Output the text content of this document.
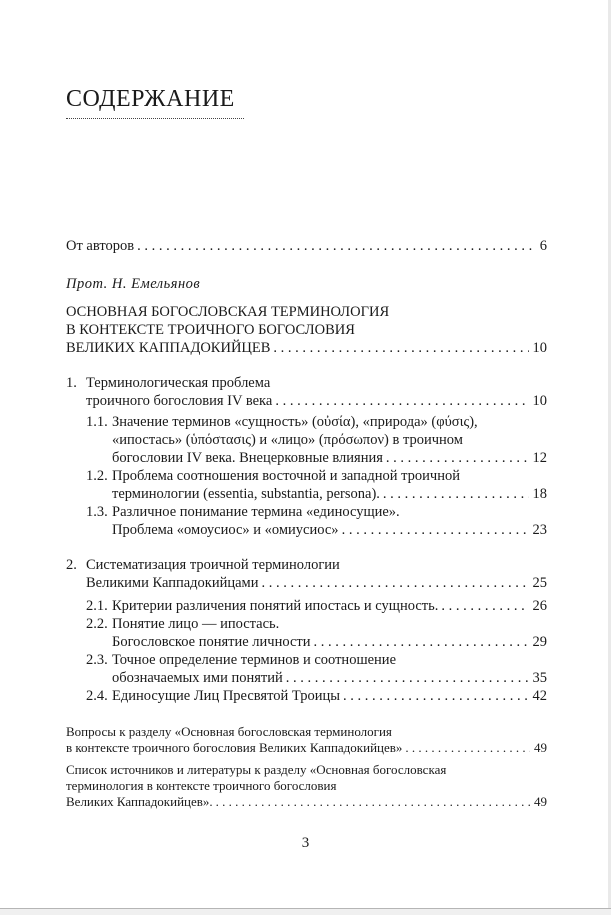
СОДЕРЖАНИЕ
От авторов . . .	6
Прот. Н. Емельянов
ОСНОВНАЯ БОГОСЛОВСКАЯ ТЕРМИНОЛОГИЯ
В КОНТЕКСТЕ ТРОИЧНОГО БОГОСЛОВИЯ
ВЕЛИКИХ КАППАДОКИЙЦЕВ . . .	10
1. Терминологическая проблема
троичного богословия IV века . . .	10
1.1. Значение терминов «сущность» (οὐσία), «природа» (φύσις),
«ипостась» (ὑπόστασις) и «лицо» (πρόσωπον) в троичном
богословии IV века. Внецерковные влияния . . .	12
1.2. Проблема соотношения восточной и западной троичной
терминологии (essentia, substantia, persona). . . .	18
1.3. Различное понимание термина «единосущие».
Проблема «омоусиос» и «омиусиос» . . .	23
2. Систематизация троичной терминологии
Великими Каппадокийцами . . .	25
2.1. Критерии различения понятий ипостась и сущность. . . .	26
2.2. Понятие лицо — ипостась.
Богословское понятие личности . . .	29
2.3. Точное определение терминов и соотношение
обозначаемых ими понятий . . .	35
2.4. Единосущие Лиц Пресвятой Троицы . . .	42
Вопросы к разделу «Основная богословская терминология
в контексте троичного богословия Великих Каппадокийцев» . . .	49
Список источников и литературы к разделу «Основная богословская
терминология в контексте троичного богословия
Великих Каппадокийцев». . . .	49
3
